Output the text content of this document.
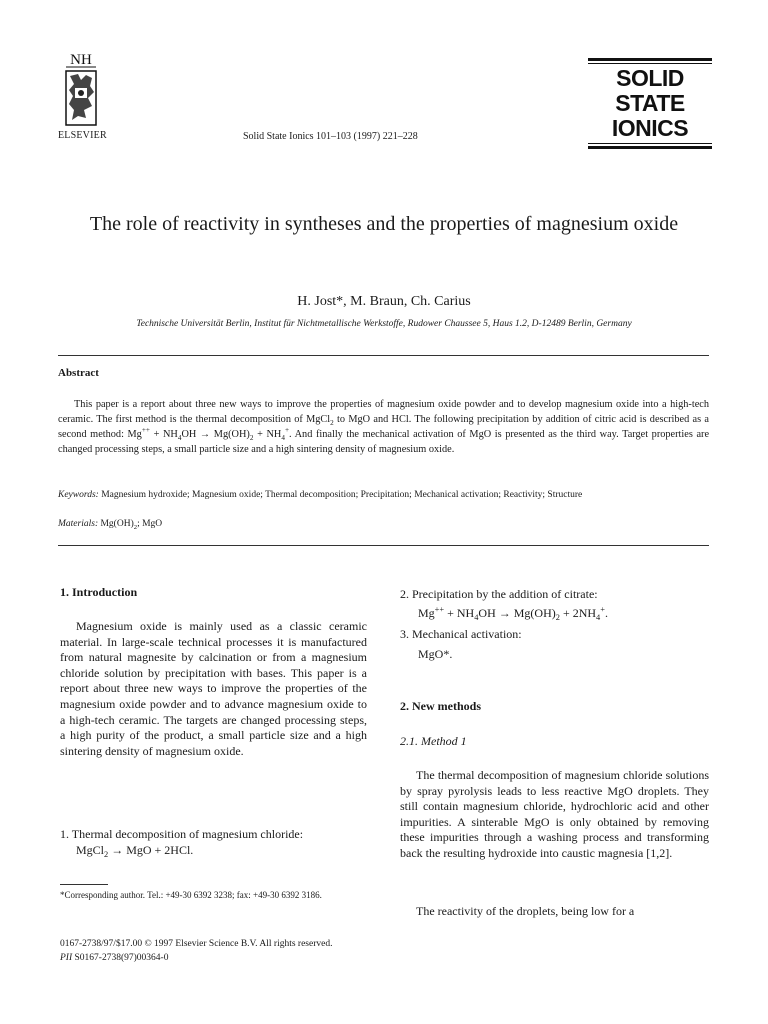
NH
ELSEVIER	Solid State Ionics 101–103 (1997) 221–228
SOLID
STATE
IONICS
The role of reactivity in syntheses and the properties of magnesium oxide
H. Jost*, M. Braun, Ch. Carius
Technische Universität Berlin, Institut für Nichtmetallische Werkstoffe, Rudower Chaussee 5, Haus 1.2, D-12489 Berlin, Germany
Abstract
This paper is a report about three new ways to improve the properties of magnesium oxide powder and to develop magnesium oxide into a high-tech ceramic. The first method is the thermal decomposition of MgCl$_2$ to MgO and HCl. The following precipitation by addition of citric acid is described as a second method: $Mg^{++} + NH_4OH \to Mg(OH)_2 + NH_4^+$. And finally the mechanical activation of MgO is presented as the third way. Target properties are changed processing steps, a small particle size and a high sintering density of magnesium oxide.
Keywords: Magnesium hydroxide; Magnesium oxide; Thermal decomposition; Precipitation; Mechanical activation; Reactivity; Structure
Materials: $Mg(OH)_2$; MgO
1. Introduction
Magnesium oxide is mainly used as a classic ceramic material. In large-scale technical processes it is manufactured from natural magnesite by calcination or from a magnesium chloride solution by precipitation with bases. This paper is a report about three new ways to improve the properties of the magnesium oxide powder and to advance magnesium oxide to a high-tech ceramic. The targets are changed processing steps, a high purity of the product, a small particle size and a high sintering density of magnesium oxide.
1. Thermal decomposition of magnesium chloride:
MgCl$_2$ → MgO + 2HCl.
*Corresponding author. Tel.: +49-30 6392 3238; fax: +49-30 6392 3186.
0167-2738/97/$17.00 © 1997 Elsevier Science B.V. All rights reserved.
PII S0167-2738(97)00364-0
2. Precipitation by the addition of citrate:
$Mg^{++} + NH_4OH \to Mg(OH)_2 + 2NH_4^+$.
3. Mechanical activation:
MgO*.
2. New methods
2.1. Method 1
The thermal decomposition of magnesium chloride solutions by spray pyrolysis leads to less reactive MgO droplets. They still contain magnesium chloride, hydrochloric acid and other impurities. A sinterable MgO is only obtained by removing these impurities through a washing process and transforming back the resulting hydroxide into caustic magnesia [1,2].
The reactivity of the droplets, being low for a
